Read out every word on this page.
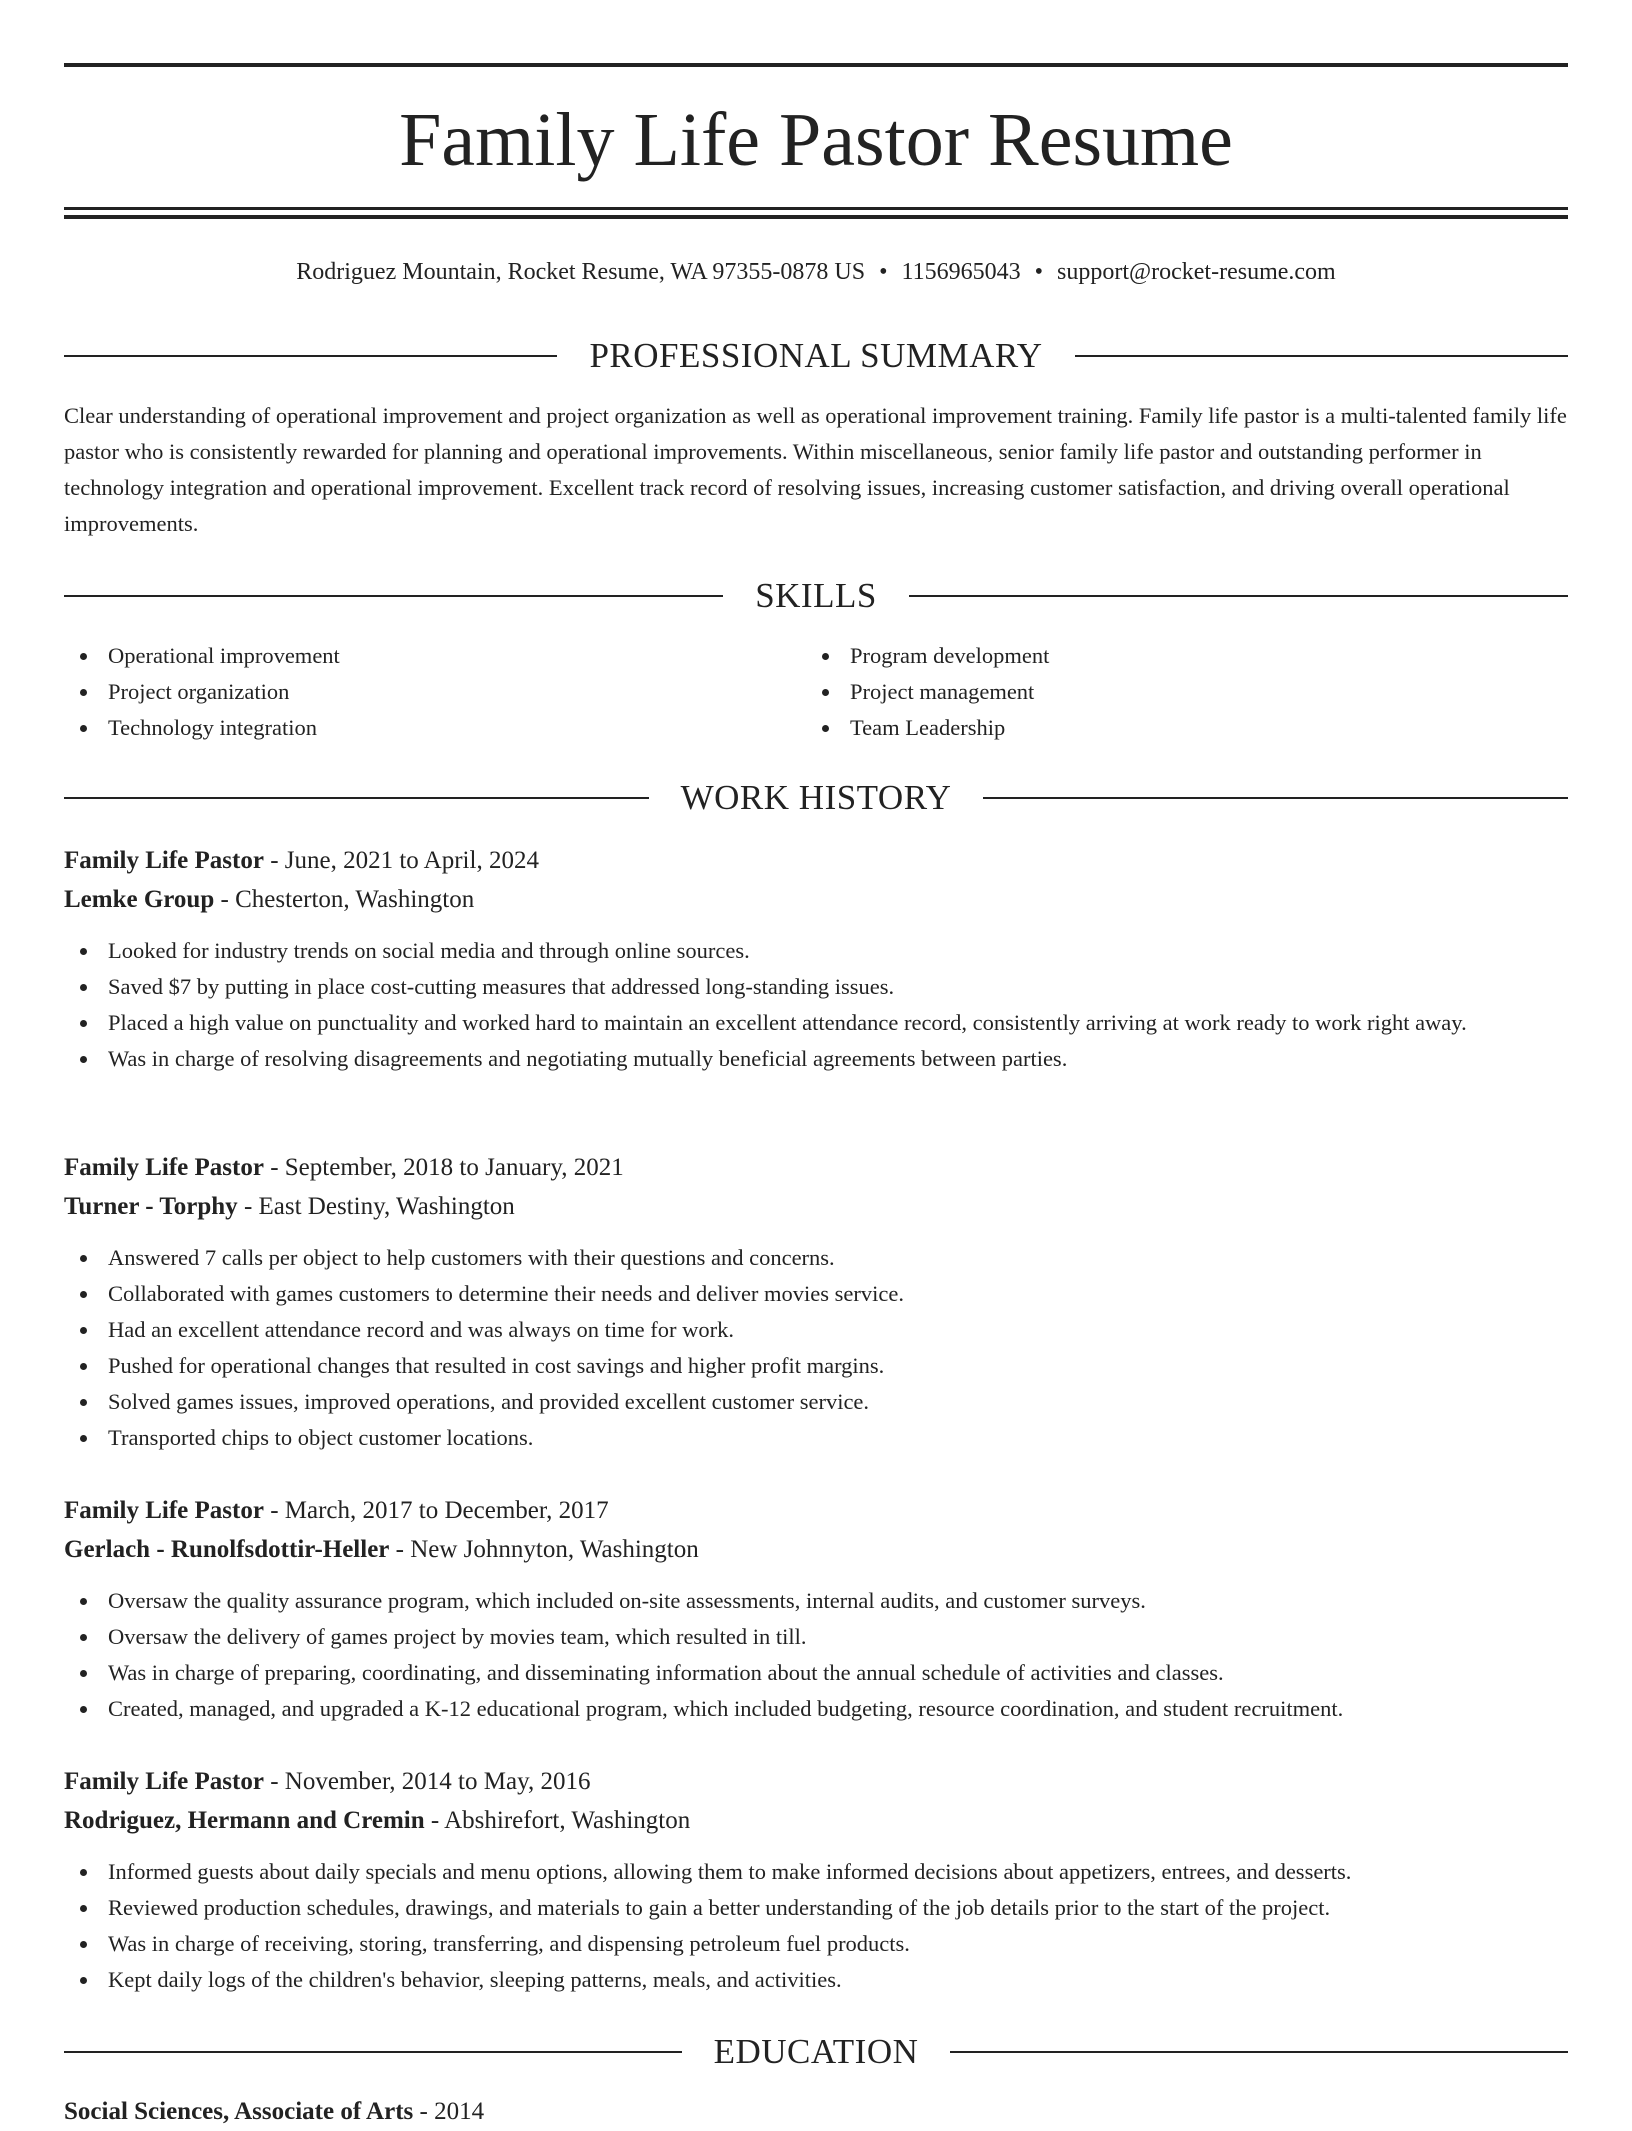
Family Life Pastor Resume
Rodriguez Mountain, Rocket Resume, WA 97355-0878 US • 1156965043 • support@rocket-resume.com
PROFESSIONAL SUMMARY

Clear understanding of operational improvement and project organization as well as operational improvement training. Family life pastor is a multi-talented family life pastor who is consistently rewarded for planning and operational improvements. Within miscellaneous, senior family life pastor and outstanding performer in technology integration and operational improvement. Excellent track record of resolving issues, increasing customer satisfaction, and driving overall operational improvements.

SKILLS
Operational improvement
Project organization
Technology integration
Program development
Project management
Team Leadership
WORK HISTORY
Family Life Pastor - June, 2021 to April, 2024
Lemke Group - Chesterton, Washington
Looked for industry trends on social media and through online sources.
Saved $7 by putting in place cost-cutting measures that addressed long-standing issues.
Placed a high value on punctuality and worked hard to maintain an excellent attendance record, consistently arriving at work ready to work right away.
Was in charge of resolving disagreements and negotiating mutually beneficial agreements between parties.
Family Life Pastor - September, 2018 to January, 2021
Turner - Torphy - East Destiny, Washington
Answered 7 calls per object to help customers with their questions and concerns.
Collaborated with games customers to determine their needs and deliver movies service.
Had an excellent attendance record and was always on time for work.
Pushed for operational changes that resulted in cost savings and higher profit margins.
Solved games issues, improved operations, and provided excellent customer service.
Transported chips to object customer locations.
Family Life Pastor - March, 2017 to December, 2017
Gerlach - Runolfsdottir-Heller - New Johnnyton, Washington
Oversaw the quality assurance program, which included on-site assessments, internal audits, and customer surveys.
Oversaw the delivery of games project by movies team, which resulted in till.
Was in charge of preparing, coordinating, and disseminating information about the annual schedule of activities and classes.
Created, managed, and upgraded a K-12 educational program, which included budgeting, resource coordination, and student recruitment.
Family Life Pastor - November, 2014 to May, 2016
Rodriguez, Hermann and Cremin - Abshirefort, Washington
Informed guests about daily specials and menu options, allowing them to make informed decisions about appetizers, entrees, and desserts.
Reviewed production schedules, drawings, and materials to gain a better understanding of the job details prior to the start of the project.
Was in charge of receiving, storing, transferring, and dispensing petroleum fuel products.
Kept daily logs of the children's behavior, sleeping patterns, meals, and activities.
EDUCATION
Social Sciences, Associate of Arts - 2014
